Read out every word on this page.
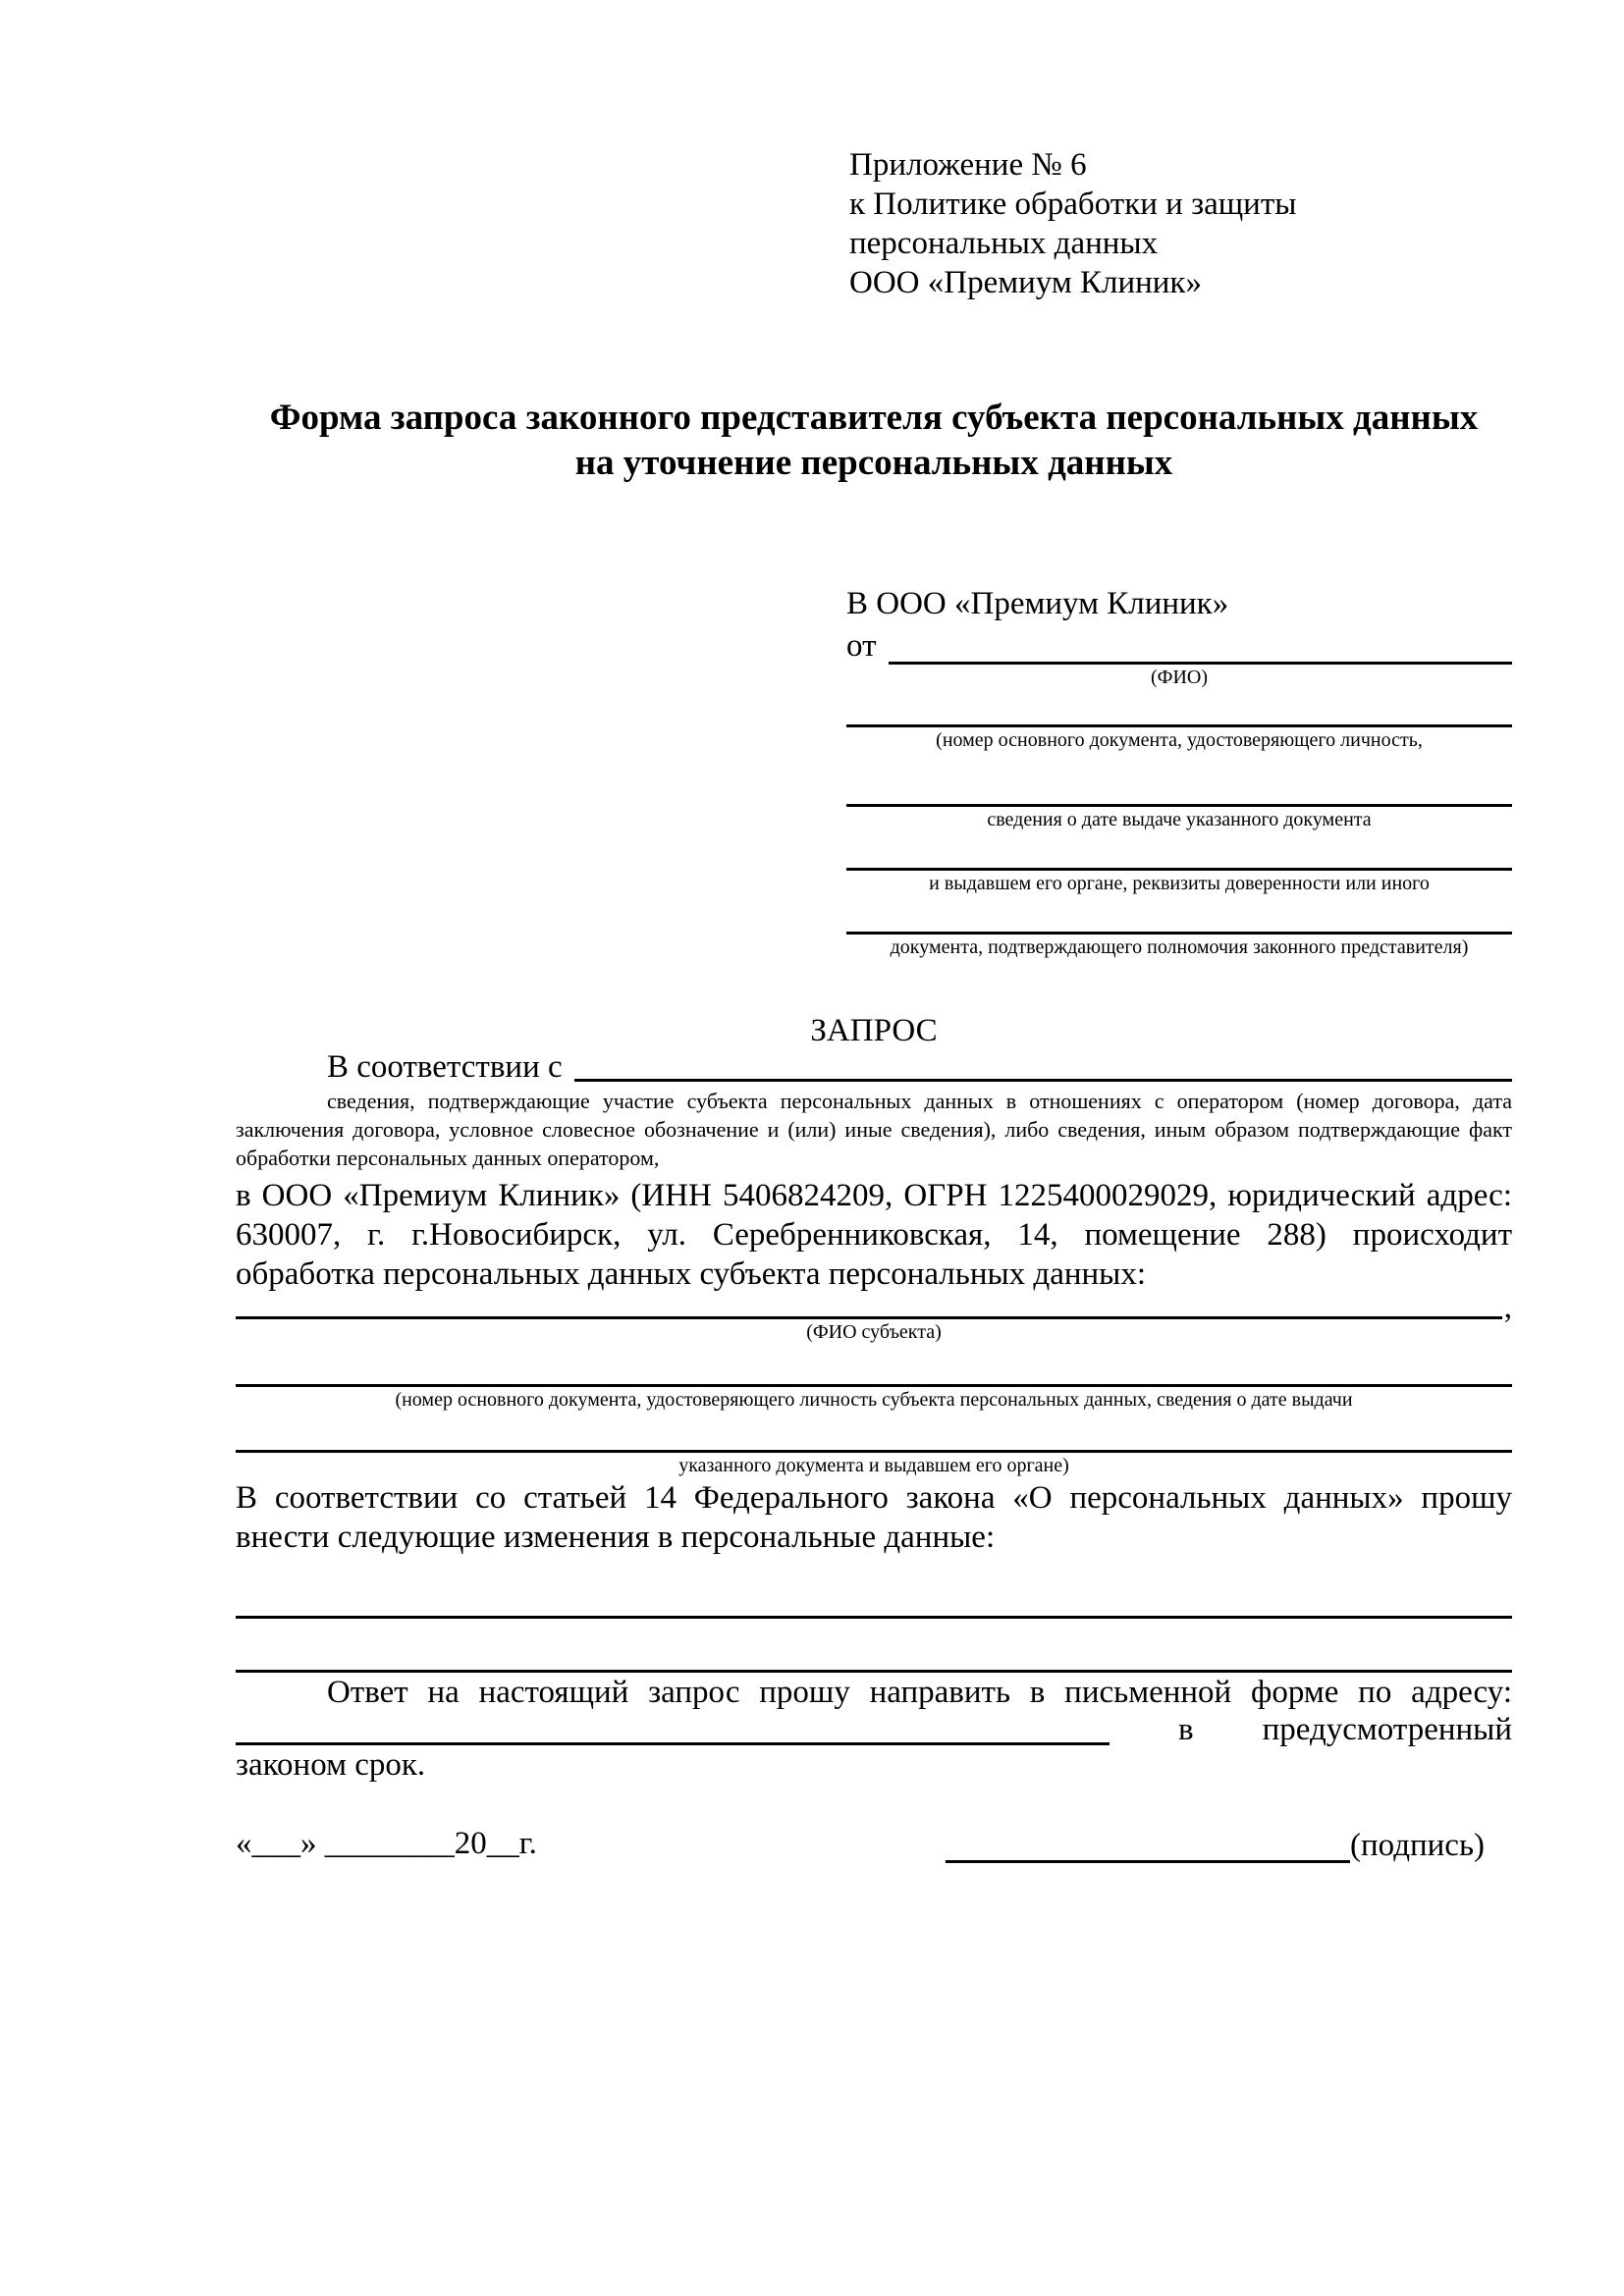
Приложение № 6
к Политике обработки и защиты
персональных данных
ООО «Премиум Клиник»
Форма запроса законного представителя субъекта персональных данных
на уточнение персональных данных
В ООО «Премиум Клиник»
от
(ФИО)
(номер основного документа, удостоверяющего личность,
сведения о дате выдаче указанного документа
и выдавшем его органе, реквизиты доверенности или иного
документа, подтверждающего полномочия законного представителя)
ЗАПРОС
В соответствии с
сведения, подтверждающие участие субъекта персональных данных в отношениях с оператором (номер договора, дата заключения договора, условное словесное обозначение и (или) иные сведения), либо сведения, иным образом подтверждающие факт обработки персональных данных оператором,
в ООО «Премиум Клиник» (ИНН 5406824209, ОГРН 1225400029029, юридический адрес: 630007, г. г.Новосибирск, ул. Серебренниковская, 14, помещение 288) происходит обработка персональных данных субъекта персональных данных:
,
(ФИО субъекта)
(номер основного документа, удостоверяющего личность субъекта персональных данных, сведения о дате выдачи
указанного документа и выдавшем его органе)
В соответствии со статьей 14 Федерального закона «О персональных данных» прошу внести следующие изменения в персональные данные:
Ответ на настоящий запрос прошу направить в письменной форме по адресу:
в предусмотренный
законом срок.
«___» ________20__г.	(подпись)
